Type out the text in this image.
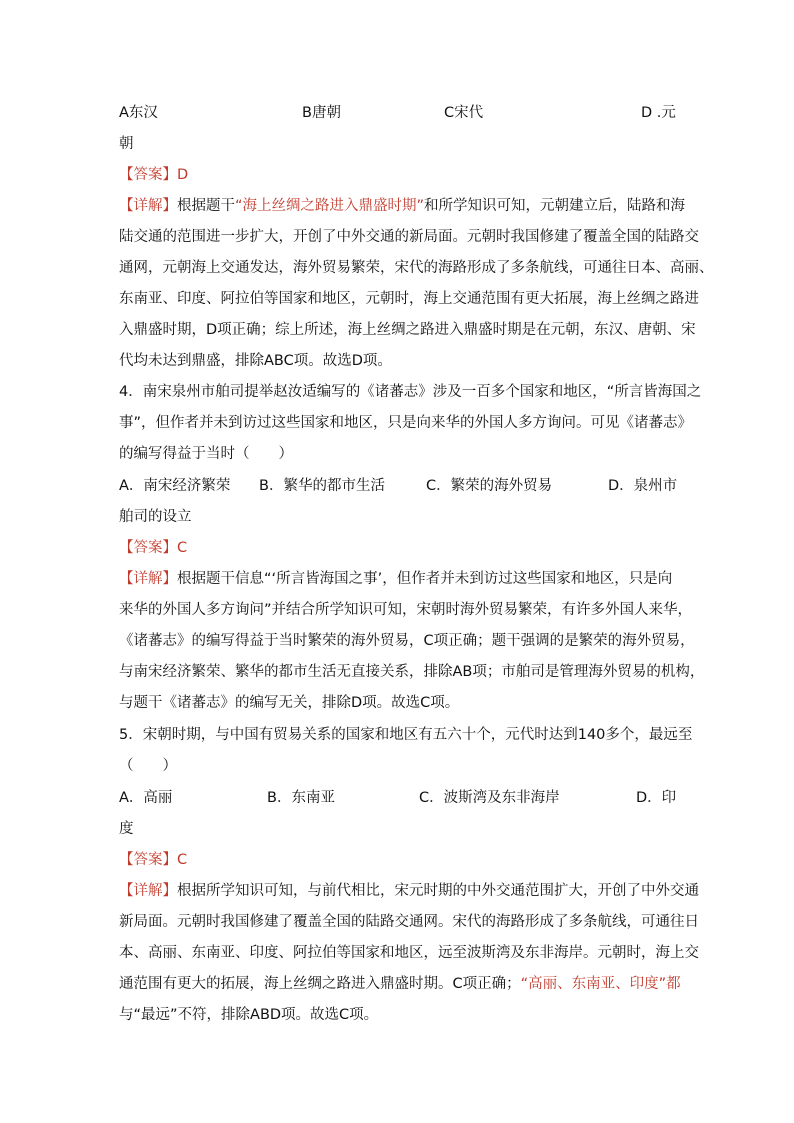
A东汉	B唐朝	C宋代	D .元
朝
【答案】D
【详解】根据题干“海上丝绸之路进入鼎盛时期”和所学知识可知，元朝建立后，陆路和海
陆交通的范围进一步扩大，开创了中外交通的新局面。元朝时我国修建了覆盖全国的陆路交
通网，元朝海上交通发达，海外贸易繁荣，宋代的海路形成了多条航线，可通往日本、高丽、
东南亚、印度、阿拉伯等国家和地区，元朝时，海上交通范围有更大拓展，海上丝绸之路进
入鼎盛时期，D项正确；综上所述，海上丝绸之路进入鼎盛时期是在元朝，东汉、唐朝、宋
代均未达到鼎盛，排除ABC项。故选D项。
4．南宋泉州市舶司提举赵汝适编写的《诸蕃志》涉及一百多个国家和地区，“所言皆海国之
事”，但作者并未到访过这些国家和地区，只是向来华的外国人多方询问。可见《诸蕃志》
的编写得益于当时（　　）
A．南宋经济繁荣 B．繁华的都市生活	C．繁荣的海外贸易	D．泉州市
舶司的设立
【答案】C
【详解】根据题干信息“‘所言皆海国之事’，但作者并未到访过这些国家和地区，只是向
来华的外国人多方询问”并结合所学知识可知，宋朝时海外贸易繁荣，有许多外国人来华，
《诸蕃志》的编写得益于当时繁荣的海外贸易，C项正确；题干强调的是繁荣的海外贸易，
与南宋经济繁荣、繁华的都市生活无直接关系，排除AB项；市舶司是管理海外贸易的机构，
与题干《诸蕃志》的编写无关，排除D项。故选C项。
5．宋朝时期，与中国有贸易关系的国家和地区有五六十个，元代时达到140多个，最远至
（　　）
A．高丽	B．东南亚	C．波斯湾及东非海岸	D．印
度
【答案】C
【详解】根据所学知识可知，与前代相比，宋元时期的中外交通范围扩大，开创了中外交通
新局面。元朝时我国修建了覆盖全国的陆路交通网。宋代的海路形成了多条航线，可通往日
本、高丽、东南亚、印度、阿拉伯等国家和地区，远至波斯湾及东非海岸。元朝时，海上交
通范围有更大的拓展，海上丝绸之路进入鼎盛时期。C项正确；“高丽、东南亚、印度”都
与“最远”不符，排除ABD项。故选C项。
